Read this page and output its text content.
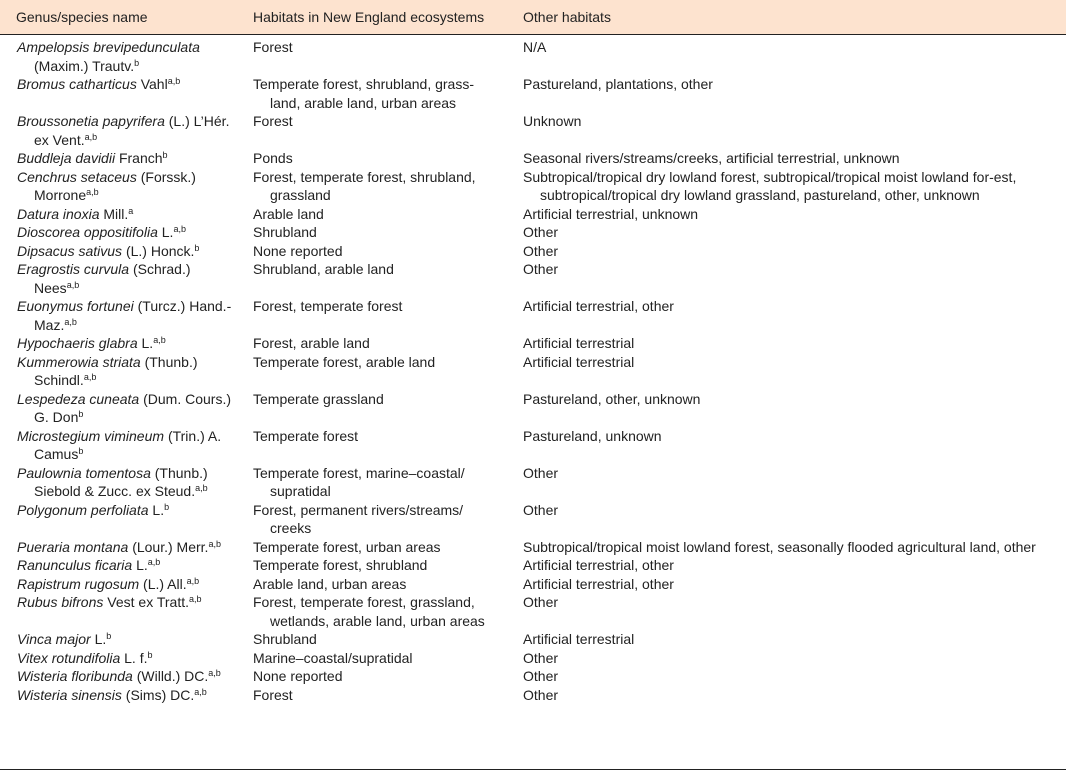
Genus/species name	Habitats in New England ecosystems	Other habitats

Ampelopsis brevipedunculata (Maxim.) Trautv.$^b$	Forest	N/A

Bromus catharticus Vahl$^{a,b}$	Temperate forest, shrubland, grass-land, arable land, urban areas	Pastureland, plantations, other

Broussonetia papyrifera (L.) L’Hér. ex Vent.$^{a,b}$	Forest	Unknown

Buddleja davidii Franch$^b$	Ponds	Seasonal rivers/streams/creeks, artificial terrestrial, unknown

Cenchrus setaceus (Forssk.) Morrone$^{a,b}$	Forest, temperate forest, shrubland, grassland	Subtropical/tropical dry lowland forest, subtropical/tropical moist lowland for-est, subtropical/tropical dry lowland grassland, pastureland, other, unknown

Datura inoxia Mill.$^a$	Arable land	Artificial terrestrial, unknown

Dioscorea oppositifolia L.$^{a,b}$	Shrubland	Other

Dipsacus sativus (L.) Honck.$^b$	None reported	Other

Eragrostis curvula (Schrad.) Nees$^{a,b}$	Shrubland, arable land	Other

Euonymus fortunei (Turcz.) Hand.-Maz.$^{a,b}$	Forest, temperate forest	Artificial terrestrial, other

Hypochaeris glabra L.$^{a,b}$	Forest, arable land	Artificial terrestrial

Kummerowia striata (Thunb.) Schindl.$^{a,b}$	Temperate forest, arable land	Artificial terrestrial

Lespedeza cuneata (Dum. Cours.) G. Don$^b$	Temperate grassland	Pastureland, other, unknown

Microstegium vimineum (Trin.) A. Camus$^b$	Temperate forest	Pastureland, unknown

Paulownia tomentosa (Thunb.) Siebold & Zucc. ex Steud.$^{a,b}$	Temperate forest, marine–coastal/ supratidal	Other

Polygonum perfoliata L.$^b$	Forest, permanent rivers/streams/ creeks	Other

Pueraria montana (Lour.) Merr.$^{a,b}$	Temperate forest, urban areas	Subtropical/tropical moist lowland forest, seasonally flooded agricultural land, other

Ranunculus ficaria L.$^{a,b}$	Temperate forest, shrubland	Artificial terrestrial, other

Rapistrum rugosum (L.) All.$^{a,b}$	Arable land, urban areas	Artificial terrestrial, other

Rubus bifrons Vest ex Tratt.$^{a,b}$	Forest, temperate forest, grassland, wetlands, arable land, urban areas	Other

Vinca major L.$^b$	Shrubland	Artificial terrestrial

Vitex rotundifolia L. f.$^b$	Marine–coastal/supratidal	Other

Wisteria floribunda (Willd.) DC.$^{a,b}$	None reported	Other

Wisteria sinensis (Sims) DC.$^{a,b}$	Forest	Other
